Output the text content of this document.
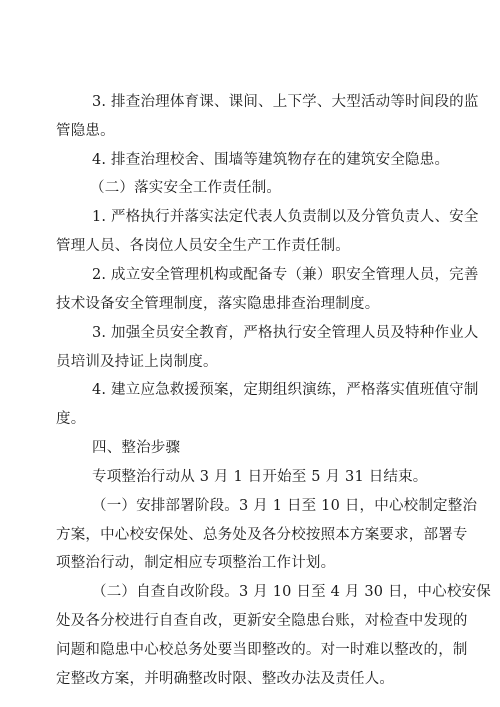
3. 排查治理体育课、课间、上下学、大型活动等时间段的监
管隐患。
4. 排查治理校舍、围墙等建筑物存在的建筑安全隐患。
（二）落实安全工作责任制。
1. 严格执行并落实法定代表人负责制以及分管负责人、安全
管理人员、各岗位人员安全生产工作责任制。
2. 成立安全管理机构或配备专（兼）职安全管理人员，完善
技术设备安全管理制度，落实隐患排查治理制度。
3. 加强全员安全教育，严格执行安全管理人员及特种作业人
员培训及持证上岗制度。
4. 建立应急救援预案，定期组织演练，严格落实值班值守制
度。
四、整治步骤
专项整治行动从 3 月 1 日开始至 5 月 31 日结束。
（一）安排部署阶段。3 月 1 日至 10 日，中心校制定整治
方案，中心校安保处、总务处及各分校按照本方案要求，部署专
项整治行动，制定相应专项整治工作计划。
（二）自查自改阶段。3 月 10 日至 4 月 30 日，中心校安保
处及各分校进行自查自改，更新安全隐患台账，对检查中发现的
问题和隐患中心校总务处要当即整改的。对一时难以整改的，制
定整改方案，并明确整改时限、整改办法及责任人。
